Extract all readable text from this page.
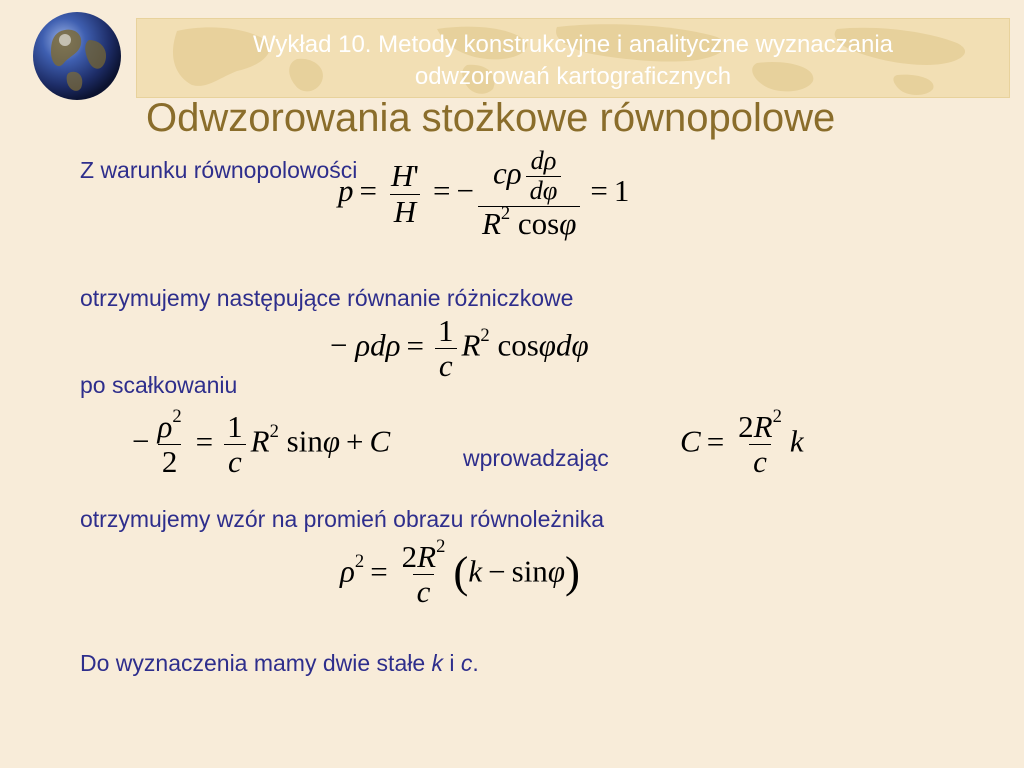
Wykład 10. Metody konstrukcyjne i analityczne wyznaczania
odwzorowań kartograficznych
Odwzorowania stożkowe równopolowe
Z warunku równopolowości
$p = \frac{H'}{H}$ = − $\frac{c\rho \frac{d\rho}{d\varphi}}{R^2 \cos\varphi} = 1$
otrzymujemy następujące równanie różniczkowe
− $\rho d\rho = \frac{1}{c} R^2$ cosφdφ
po scałkowaniu
− $\frac{\rho^2}{2} = \frac{1}{c} R^2$ sinφ + C	wprowadzając $C = \frac{2R^2}{c}$ k
otrzymujemy wzór na promień obrazu równoleżnika
$\rho^2 = \frac{2R^2}{c} (k - \sin\varphi)$
Do wyznaczenia mamy dwie stałe k i c.
